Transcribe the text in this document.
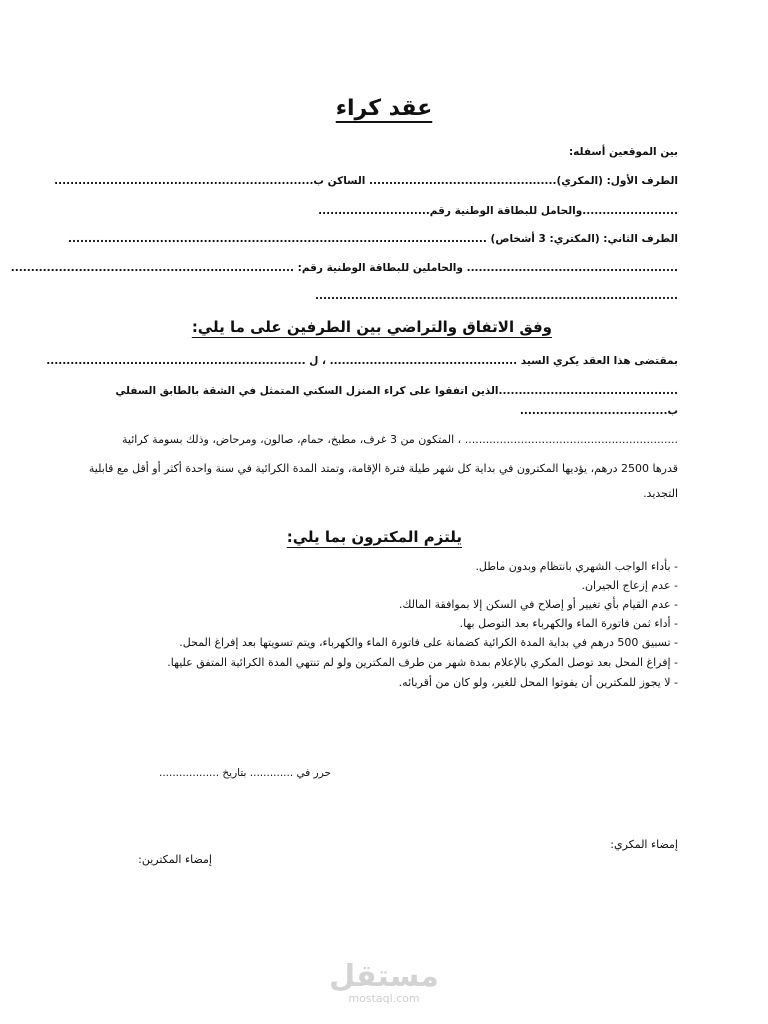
عقد كراء
بين الموقعين أسفله:
الطرف الأول: (المكري)............................................... الساكن ب.................................................................
........................والحامل للبطاقة الوطنية رقم............................
الطرف الثاني: (المكتري: 3 أشخاص) .........................................................................................................
..................................................... والحاملين للبطاقة الوطنية رقم: .......................................................................
...........................................................................................
وفق الاتفاق والتراضي بين الطرفين على ما يلي:
بمقتضى هذا العقد يكري السيد ............................................... ، ل .................................................................
.............................................الذين اتفقوا على كراء المنزل السكني المتمثل في الشقة بالطابق السفلي
ب.....................................
............................................................. ، المتكون من 3 غرف، مطبخ، حمام، صالون، ومرحاض، وذلك بسومة كرائية
قدرها 2500 درهم، يؤديها المكترون في بداية كل شهر طيلة فترة الإقامة، وتمتد المدة الكرائية في سنة واحدة أكثر أو أقل مع قابلية
التجديد.
يلتزم المكترون بما يلي:
- بأداء الواجب الشهري بانتظام وبدون ماطل.
- عدم إزعاج الجيران.
- عدم القيام بأي تغيير أو إصلاح في السكن إلا بموافقة المالك.
- أداء ثمن فاتورة الماء والكهرباء بعد التوصل بها.
- تسبيق 500 درهم في بداية المدة الكرائية كضمانة على فاتورة الماء والكهرباء، ويتم تسويتها بعد إفراغ المحل.
- إفراغ المحل بعد توصل المكري بالإعلام بمدة شهر من طرف المكترين ولو لم تنتهي المدة الكرائية المتفق عليها.
- لا يجوز للمكترين أن يفوتوا المحل للغير، ولو كان من أقربائه.
حرر في ............. بتاريخ ..................
إمضاء المكري:
إمضاء المكترين:
مستقل
mostaql.com
